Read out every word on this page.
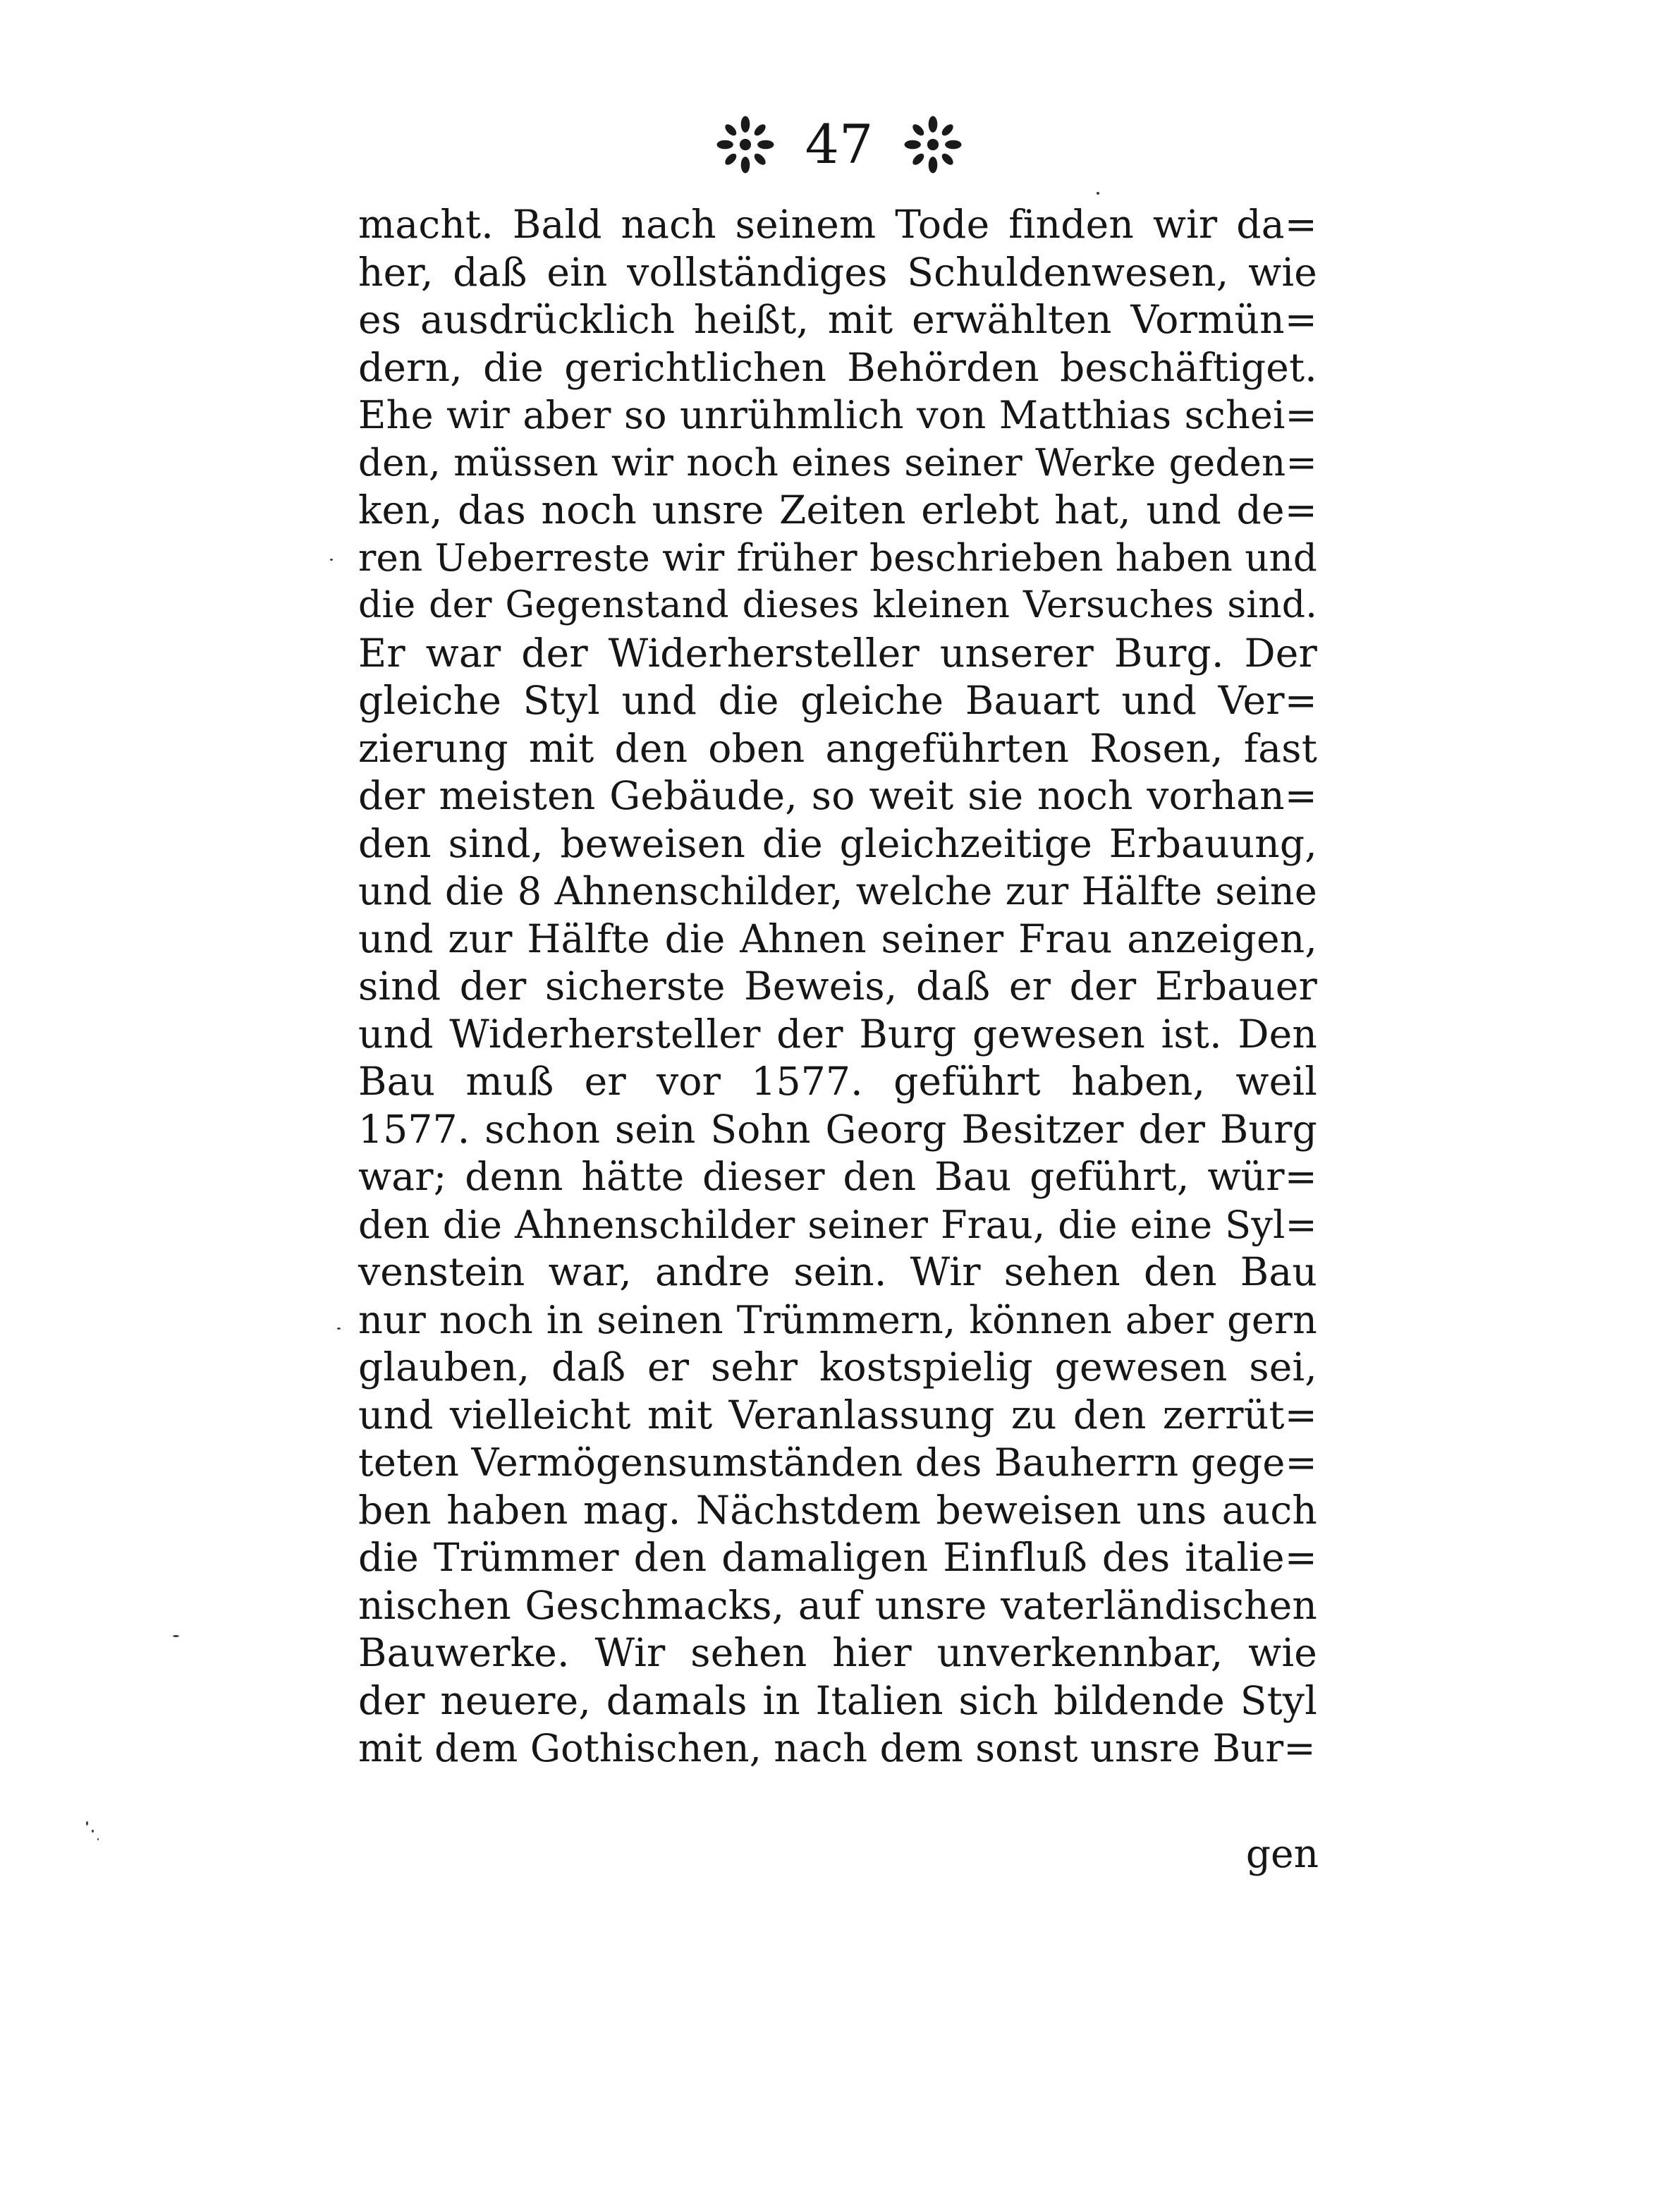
47
macht. Bald nach seinem Tode finden wir da=
her, daß ein vollständiges Schuldenwesen, wie
es ausdrücklich heißt, mit erwählten Vormün=
dern, die gerichtlichen Behörden beschäftiget.
Ehe wir aber so unrühmlich von Matthias schei=
den, müssen wir noch eines seiner Werke geden=
ken, das noch unsre Zeiten erlebt hat, und de=
ren Ueberreste wir früher beschrieben haben und
die der Gegenstand dieses kleinen Versuches sind.
Er war der Widerhersteller unserer Burg. Der
gleiche Styl und die gleiche Bauart und Ver=
zierung mit den oben angeführten Rosen, fast
der meisten Gebäude, so weit sie noch vorhan=
den sind, beweisen die gleichzeitige Erbauung,
und die 8 Ahnenschilder, welche zur Hälfte seine
und zur Hälfte die Ahnen seiner Frau anzeigen,
sind der sicherste Beweis, daß er der Erbauer
und Widerhersteller der Burg gewesen ist. Den
Bau muß er vor 1577. geführt haben, weil
1577. schon sein Sohn Georg Besitzer der Burg
war; denn hätte dieser den Bau geführt, wür=
den die Ahnenschilder seiner Frau, die eine Syl=
venstein war, andre sein. Wir sehen den Bau
nur noch in seinen Trümmern, können aber gern
glauben, daß er sehr kostspielig gewesen sei,
und vielleicht mit Veranlassung zu den zerrüt=
teten Vermögensumständen des Bauherrn gege=
ben haben mag. Nächstdem beweisen uns auch
die Trümmer den damaligen Einfluß des italie=
nischen Geschmacks, auf unsre vaterländischen
Bauwerke. Wir sehen hier unverkennbar, wie
der neuere, damals in Italien sich bildende Styl
mit dem Gothischen, nach dem sonst unsre Bur=
gen
